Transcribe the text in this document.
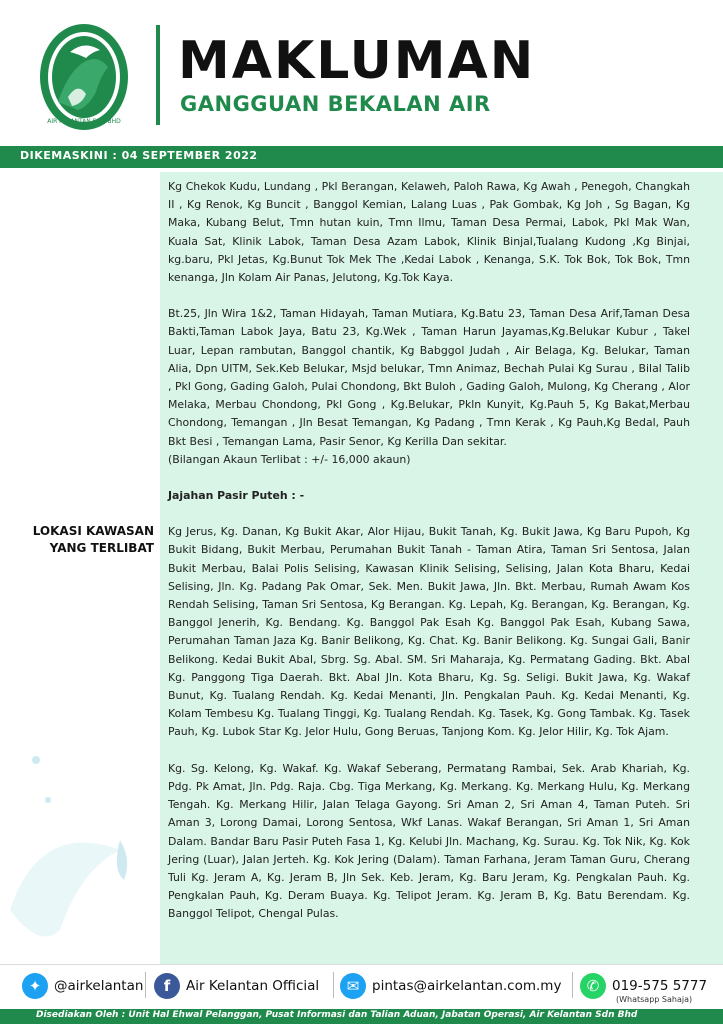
AIR KELANTAN SDN BHD
MAKLUMAN
GANGGUAN BEKALAN AIR
DIKEMASKINI : 04 SEPTEMBER 2022
LOKASI KAWASAN YANG TERLIBAT

Kg Chekok Kudu, Lundang , Pkl Berangan, Kelaweh, Paloh Rawa, Kg Awah , Penegoh, Changkah II , Kg Renok, Kg Buncit , Banggol Kemian, Lalang Luas , Pak Gombak, Kg Joh , Sg Bagan, Kg Maka, Kubang Belut, Tmn hutan kuin, Tmn Ilmu, Taman Desa Permai, Labok, Pkl Mak Wan, Kuala Sat, Klinik Labok, Taman Desa Azam Labok, Klinik Binjal,Tualang Kudong ,Kg Binjai, kg.baru, Pkl Jetas, Kg.Bunut Tok Mek The ,Kedai Labok , Kenanga, S.K. Tok Bok, Tok Bok, Tmn kenanga, Jln Kolam Air Panas, Jelutong, Kg.Tok Kaya.

Bt.25, Jln Wira 1&2, Taman Hidayah, Taman Mutiara, Kg.Batu 23, Taman Desa Arif,Taman Desa Bakti,Taman Labok Jaya, Batu 23, Kg.Wek , Taman Harun Jayamas,Kg.Belukar Kubur , Takel Luar, Lepan rambutan, Banggol chantik, Kg Babggol Judah , Air Belaga, Kg. Belukar, Taman Alia, Dpn UITM, Sek.Keb Belukar, Msjd belukar, Tmn Animaz, Bechah Pulai Kg Surau , Bilal Talib , Pkl Gong, Gading Galoh, Pulai Chondong, Bkt Buloh , Gading Galoh, Mulong, Kg Cherang , Alor Melaka, Merbau Chondong, Pkl Gong , Kg.Belukar, Pkln Kunyit, Kg.Pauh 5, Kg Bakat,Merbau Chondong, Temangan , Jln Besat Temangan, Kg Padang , Tmn Kerak , Kg Pauh,Kg Bedal, Pauh Bkt Besi , Temangan Lama, Pasir Senor, Kg Kerilla Dan sekitar.

(Bilangan Akaun Terlibat : +/- 16,000 akaun)

Jajahan Pasir Puteh : -

Kg Jerus, Kg. Danan, Kg Bukit Akar, Alor Hijau, Bukit Tanah, Kg. Bukit Jawa, Kg Baru Pupoh, Kg Bukit Bidang, Bukit Merbau, Perumahan Bukit Tanah - Taman Atira, Taman Sri Sentosa, Jalan Bukit Merbau, Balai Polis Selising, Kawasan Klinik Selising, Selising, Jalan Kota Bharu, Kedai Selising, Jln. Kg. Padang Pak Omar, Sek. Men. Bukit Jawa, Jln. Bkt. Merbau, Rumah Awam Kos Rendah Selising, Taman Sri Sentosa, Kg Berangan. Kg. Lepah, Kg. Berangan, Kg. Berangan, Kg. Banggol Jenerih, Kg. Bendang. Kg. Banggol Pak Esah Kg. Banggol Pak Esah, Kubang Sawa, Perumahan Taman Jaza Kg. Banir Belikong, Kg. Chat. Kg. Banir Belikong. Kg. Sungai Gali, Banir Belikong. Kedai Bukit Abal, Sbrg. Sg. Abal. SM. Sri Maharaja, Kg. Permatang Gading. Bkt. Abal Kg. Panggong Tiga Daerah. Bkt. Abal Jln. Kota Bharu, Kg. Sg. Seligi. Bukit Jawa, Kg. Wakaf Bunut, Kg. Tualang Rendah. Kg. Kedai Menanti, Jln. Pengkalan Pauh. Kg. Kedai Menanti, Kg. Kolam Tembesu Kg. Tualang Tinggi, Kg. Tualang Rendah. Kg. Tasek, Kg. Gong Tambak. Kg. Tasek Pauh, Kg. Lubok Star Kg. Jelor Hulu, Gong Beruas, Tanjong Kom. Kg. Jelor Hilir, Kg. Tok Ajam.

Kg. Sg. Kelong, Kg. Wakaf. Kg. Wakaf Seberang, Permatang Rambai, Sek. Arab Khariah, Kg. Pdg. Pk Amat, Jln. Pdg. Raja. Cbg. Tiga Merkang, Kg. Merkang. Kg. Merkang Hulu, Kg. Merkang Tengah. Kg. Merkang Hilir, Jalan Telaga Gayong. Sri Aman 2, Sri Aman 4, Taman Puteh. Sri Aman 3, Lorong Damai, Lorong Sentosa, Wkf Lanas. Wakaf Berangan, Sri Aman 1, Sri Aman Dalam. Bandar Baru Pasir Puteh Fasa 1, Kg. Kelubi Jln. Machang, Kg. Surau. Kg. Tok Nik, Kg. Kok Jering (Luar), Jalan Jerteh. Kg. Kok Jering (Dalam). Taman Farhana, Jeram Taman Guru, Cherang Tuli Kg. Jeram A, Kg. Jeram B, Jln Sek. Keb. Jeram, Kg. Baru Jeram, Kg. Pengkalan Pauh. Kg. Pengkalan Pauh, Kg. Deram Buaya. Kg. Telipot Jeram. Kg. Jeram B, Kg. Batu Berendam. Kg. Banggol Telipot, Chengal Pulas.

✦ @airkelantan	f	Air Kelantan Official	✉ pintas@airkelantan.com.my	✆ 019-575 5777
(Whatsapp Sahaja)
Disediakan Oleh : Unit Hal Ehwal Pelanggan, Pusat Informasi dan Talian Aduan, Jabatan Operasi, Air Kelantan Sdn Bhd
